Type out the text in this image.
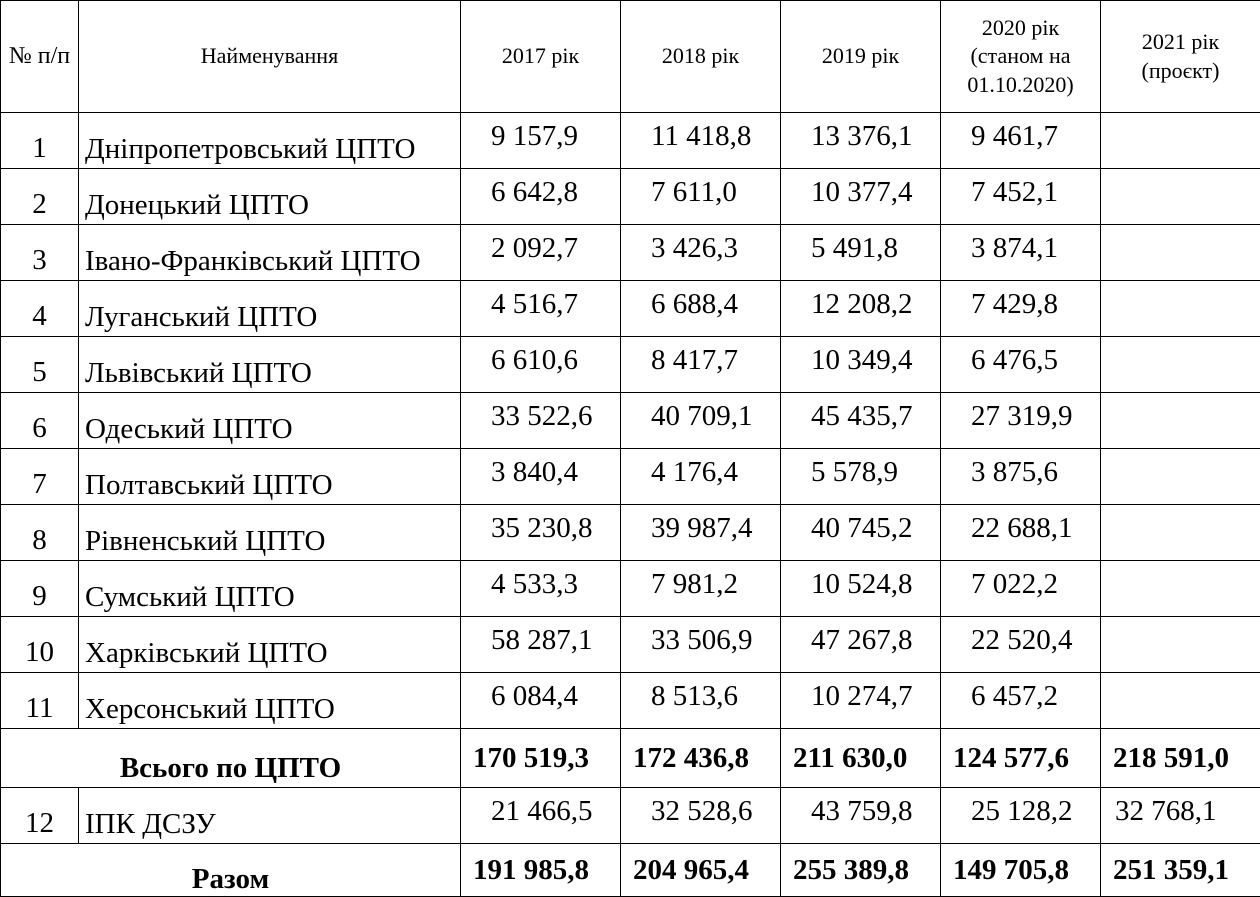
№ п/п	Найменування	2017 рік	2018 рік	2019 рік	2020 рік (станом на 01.10.2020)	2021 рік (проєкт)
1	Дніпропетровський ЦПТО	9 157,9	11 418,8	13 376,1	9 461,7	
2	Донецький ЦПТО	6 642,8	7 611,0	10 377,4	7 452,1	
3	Івано-Франківський ЦПТО	2 092,7	3 426,3	5 491,8	3 874,1	
4	Луганський ЦПТО	4 516,7	6 688,4	12 208,2	7 429,8	
5	Львівський ЦПТО	6 610,6	8 417,7	10 349,4	6 476,5	
6	Одеський ЦПТО	33 522,6	40 709,1	45 435,7	27 319,9	
7	Полтавський ЦПТО	3 840,4	4 176,4	5 578,9	3 875,6	
8	Рівненський ЦПТО	35 230,8	39 987,4	40 745,2	22 688,1	
9	Сумський ЦПТО	4 533,3	7 981,2	10 524,8	7 022,2	
10	Харківський ЦПТО	58 287,1	33 506,9	47 267,8	22 520,4	
11	Херсонський ЦПТО	6 084,4	8 513,6	10 274,7	6 457,2	
Всього по ЦПТО		170 519,3	172 436,8	211 630,0	124 577,6	218 591,0
12	ІПК ДСЗУ	21 466,5	32 528,6	43 759,8	25 128,2	32 768,1
Разом		191 985,8	204 965,4	255 389,8	149 705,8	251 359,1
